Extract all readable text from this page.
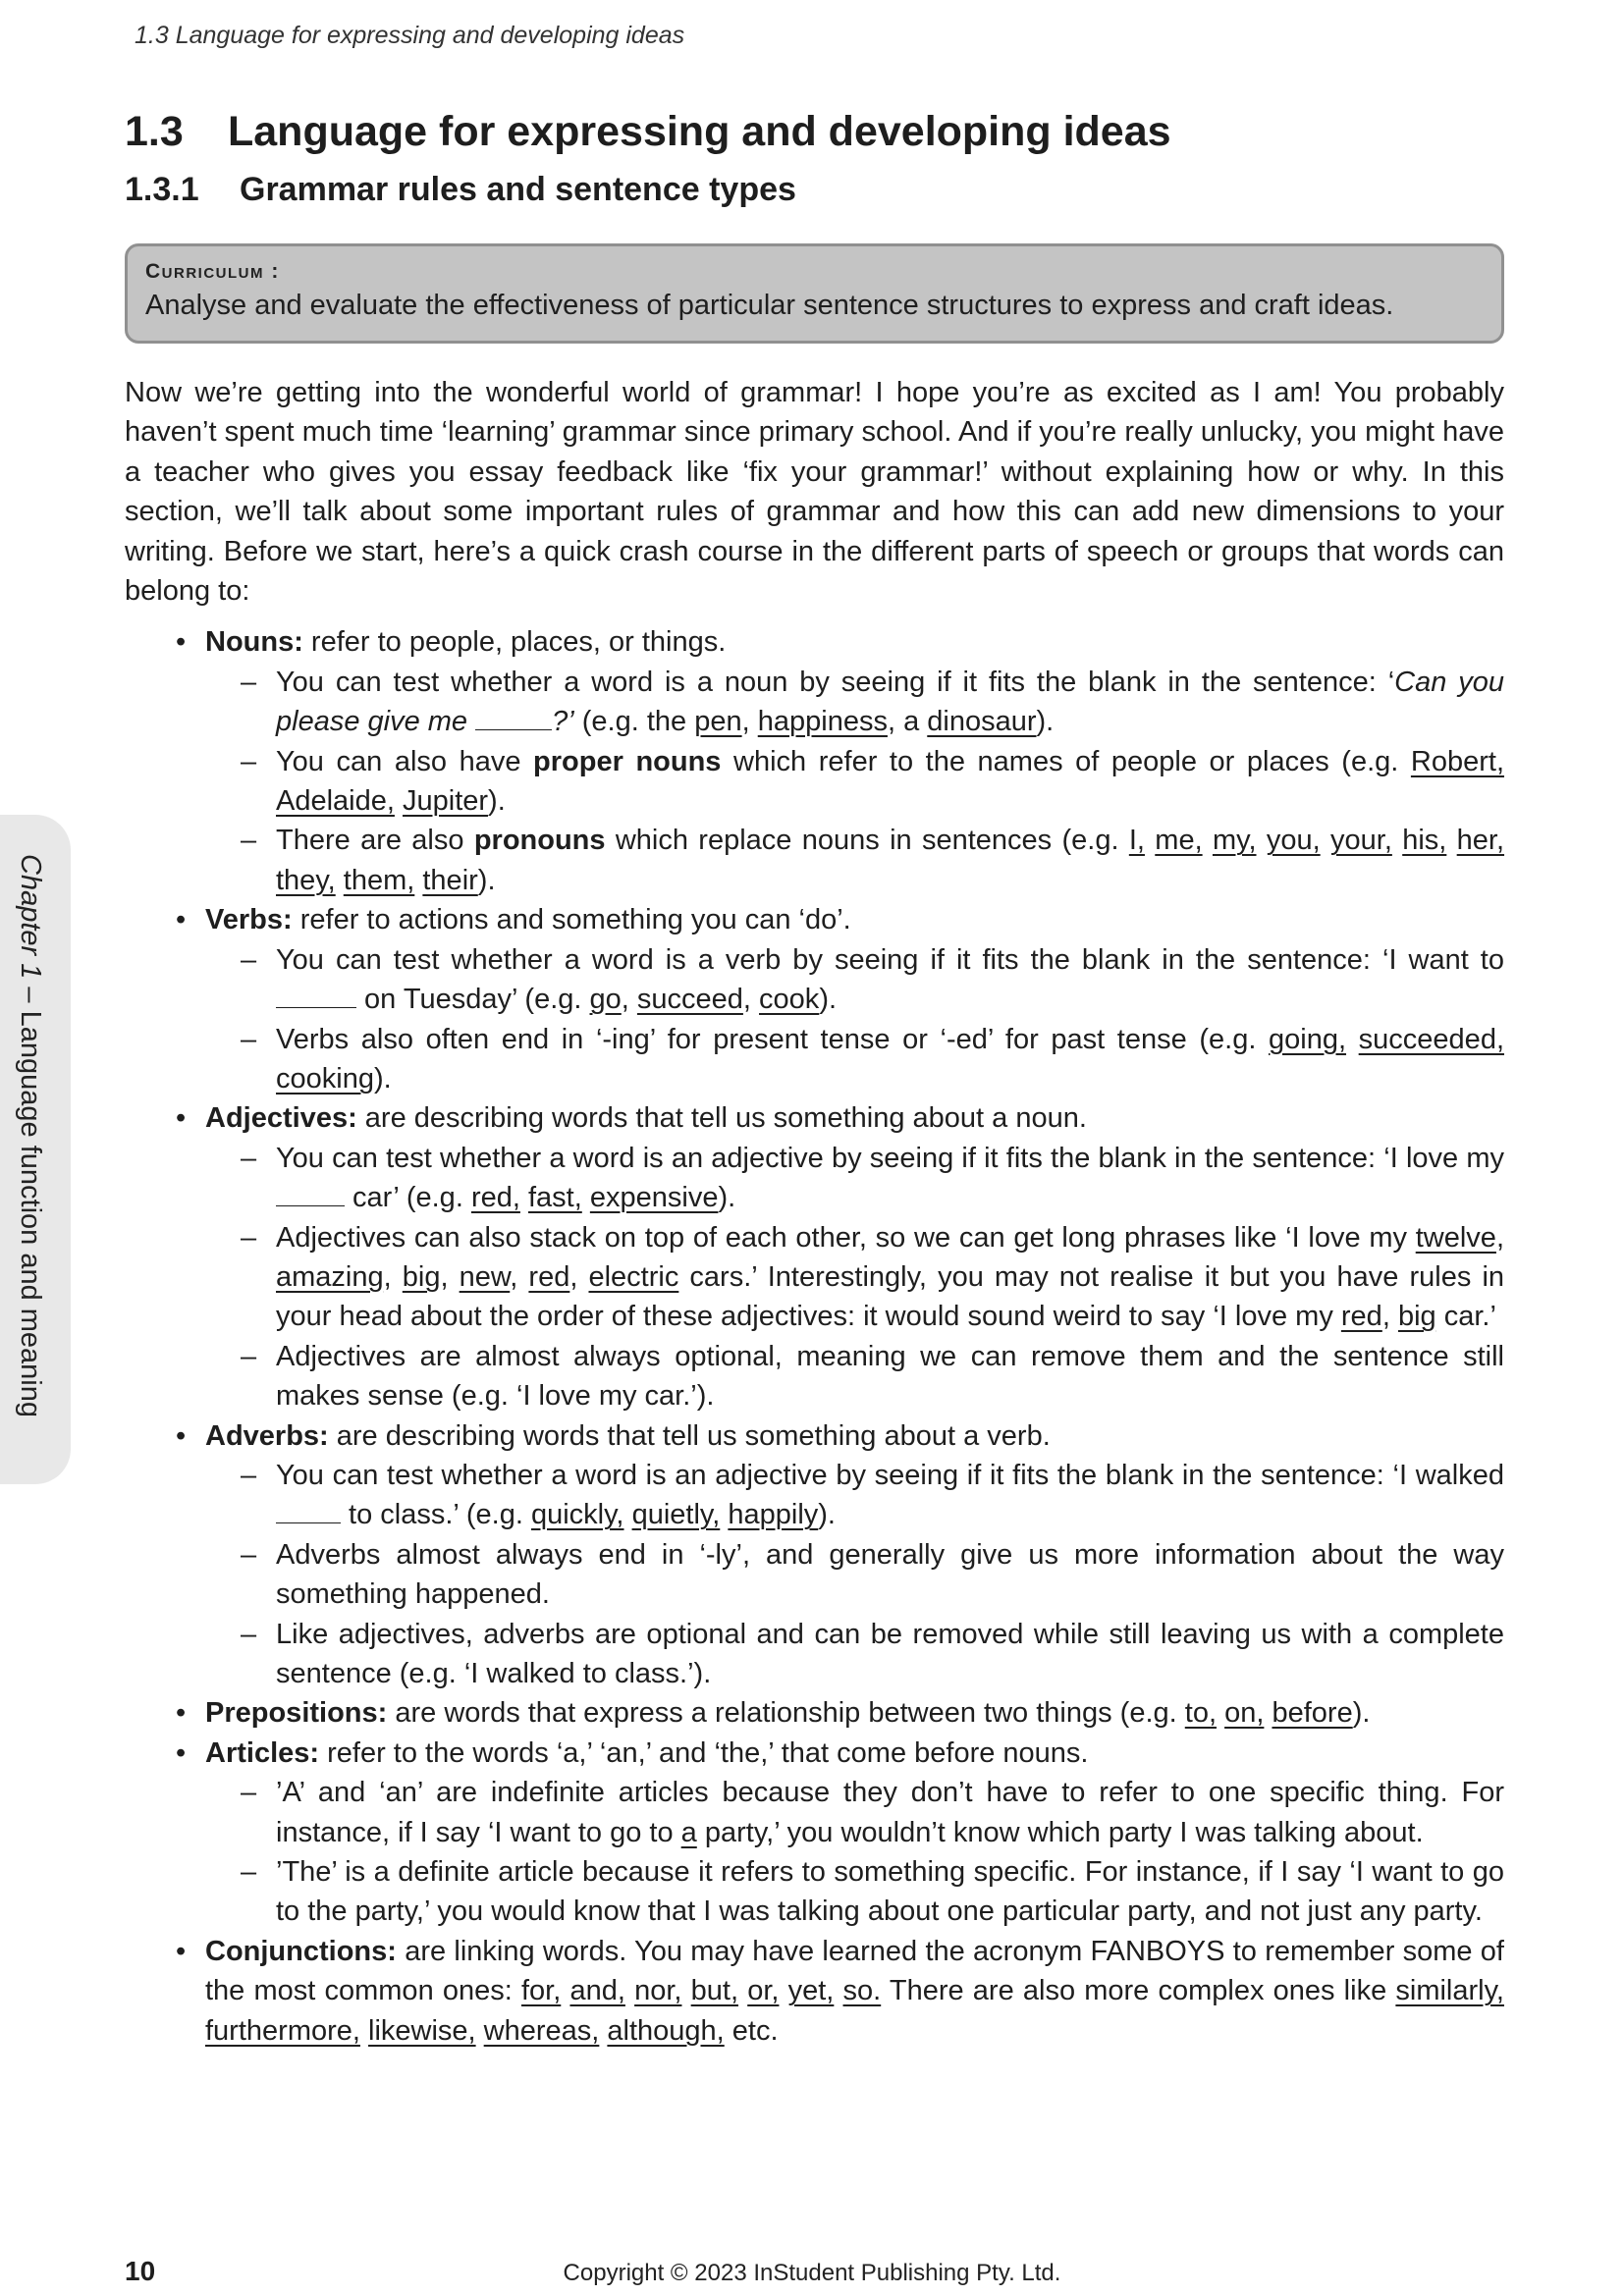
1.3 Language for expressing and developing ideas
1.3 Language for expressing and developing ideas
1.3.1 Grammar rules and sentence types
Curriculum :
Analyse and evaluate the effectiveness of particular sentence structures to express and craft ideas.
Chapter 1 – Language function and meaning

Now we’re getting into the wonderful world of grammar! I hope you’re as excited as I am! You probably haven’t spent much time ‘learning’ grammar since primary school. And if you’re really unlucky, you might have a teacher who gives you essay feedback like ‘fix your grammar!’ without explaining how or why. In this section, we’ll talk about some important rules of grammar and how this can add new dimensions to your writing. Before we start, here’s a quick crash course in the different parts of speech or groups that words can belong to:

• Nouns: refer to people, places, or things.
– You can test whether a word is a noun by seeing if it fits the blank in the sentence: ‘Can you please give me	?’ (e.g. the pen, happiness, a dinosaur).
– You can also have proper nouns which refer to the names of people or places (e.g. Robert, Adelaide, Jupiter).
– There are also pronouns which replace nouns in sentences (e.g. I, me, my, you, your, his, her, they, them, their).
• Verbs: refer to actions and something you can ‘do’.
– You can test whether a word is a verb by seeing if it fits the blank in the sentence: ‘I want to  on Tuesday’ (e.g. go, succeed, cook).
– Verbs also often end in ‘-ing’ for present tense or ‘-ed’ for past tense (e.g. going, succeeded, cooking).
• Adjectives: are describing words that tell us something about a noun.
– You can test whether a word is an adjective by seeing if it fits the blank in the sentence: ‘I love my  car’ (e.g. red, fast, expensive).
– Adjectives can also stack on top of each other, so we can get long phrases like ‘I love my twelve, amazing, big, new, red, electric cars.’ Interestingly, you may not realise it but you have rules in your head about the order of these adjectives: it would sound weird to say ‘I love my red, big car.’
– Adjectives are almost always optional, meaning we can remove them and the sentence still makes sense (e.g. ‘I love my car.’).
• Adverbs: are describing words that tell us something about a verb.
– You can test whether a word is an adjective by seeing if it fits the blank in the sentence: ‘I walked  to class.’ (e.g. quickly, quietly, happily).
– Adverbs almost always end in ‘-ly’, and generally give us more information about the way something happened.
– Like adjectives, adverbs are optional and can be removed while still leaving us with a complete sentence (e.g. ‘I walked to class.’).
• Prepositions: are words that express a relationship between two things (e.g. to, on, before).
• Articles: refer to the words ‘a,’ ‘an,’ and ‘the,’ that come before nouns.
– ’A’ and ‘an’ are indefinite articles because they don’t have to refer to one specific thing. For instance, if I say ‘I want to go to a party,’ you wouldn’t know which party I was talking about.
– ’The’ is a definite article because it refers to something specific. For instance, if I say ‘I want to go to the party,’ you would know that I was talking about one particular party, and not just any party.
• Conjunctions: are linking words. You may have learned the acronym FANBOYS to remember some of the most common ones: for, and, nor, but, or, yet, so. There are also more complex ones like similarly, furthermore, likewise, whereas, although, etc.
10	Copyright © 2023 InStudent Publishing Pty. Ltd.
